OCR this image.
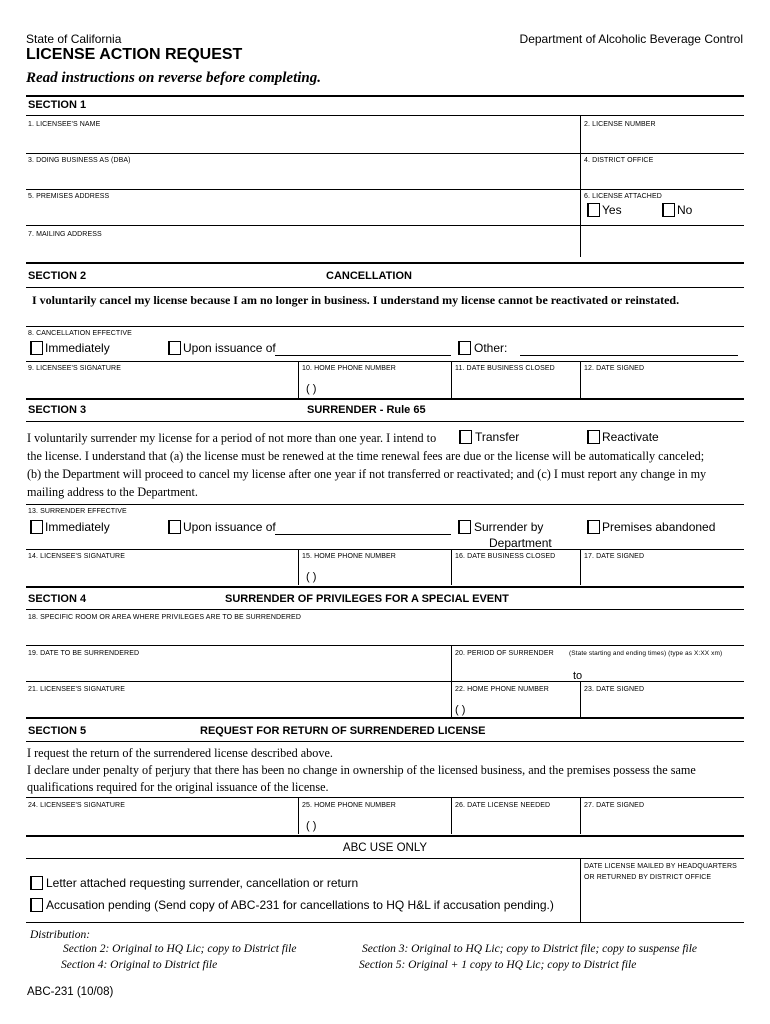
State of California	Department of Alcoholic Beverage Control
LICENSE ACTION REQUEST
Read instructions on reverse before completing.
SECTION 1
1. LICENSEE'S NAME	2. LICENSE NUMBER
3. DOING BUSINESS AS (DBA)	4. DISTRICT OFFICE
5. PREMISES ADDRESS	6. LICENSE ATTACHED
Yes	No
7. MAILING ADDRESS
SECTION 2	CANCELLATION
I voluntarily cancel my license because I am no longer in business. I understand my license cannot be reactivated or reinstated.
8. CANCELLATION EFFECTIVE
Immediately	Upon issuance of	Other:
9. LICENSEE'S SIGNATURE	10. HOME PHONE NUMBER	11. DATE BUSINESS CLOSED	12. DATE SIGNED
( )
SECTION 3	SURRENDER - Rule 65
I voluntarily surrender my license for a period of not more than one year. I intend to	Transfer	Reactivate
the license. I understand that (a) the license must be renewed at the time renewal fees are due or the license will be automatically canceled;
(b) the Department will proceed to cancel my license after one year if not transferred or reactivated; and (c) I must report any change in my
mailing address to the Department.
13. SURRENDER EFFECTIVE
Immediately	Upon issuance of	Surrender by
Department
Premises abandoned
14. LICENSEE'S SIGNATURE	15. HOME PHONE NUMBER	16. DATE BUSINESS CLOSED	17. DATE SIGNED
( )
SECTION 4	SURRENDER OF PRIVILEGES FOR A SPECIAL EVENT
18. SPECIFIC ROOM OR AREA WHERE PRIVILEGES ARE TO BE SURRENDERED
19. DATE TO BE SURRENDERED	20. PERIOD OF SURRENDER (State starting and ending times) (type as X:XX xm)
to
21. LICENSEE'S SIGNATURE	22. HOME PHONE NUMBER	23. DATE SIGNED
( )
SECTION 5	REQUEST FOR RETURN OF SURRENDERED LICENSE
I request the return of the surrendered license described above.
I declare under penalty of perjury that there has been no change in ownership of the licensed business, and the premises possess the same
qualifications required for the original issuance of the license.
24. LICENSEE'S SIGNATURE	25. HOME PHONE NUMBER	26. DATE LICENSE NEEDED	27. DATE SIGNED
( )
ABC USE ONLY
DATE LICENSE MAILED BY HEADQUARTERS
OR RETURNED BY DISTRICT OFFICE
Letter attached requesting surrender, cancellation or return
Accusation pending (Send copy of ABC-231 for cancellations to HQ H&L if accusation pending.)
Distribution:
Section 2: Original to HQ Lic; copy to District file
Section 4: Original to District file
Section 3: Original to HQ Lic; copy to District file; copy to suspense file
Section 5: Original + 1 copy to HQ Lic; copy to District file
ABC-231 (10/08)
